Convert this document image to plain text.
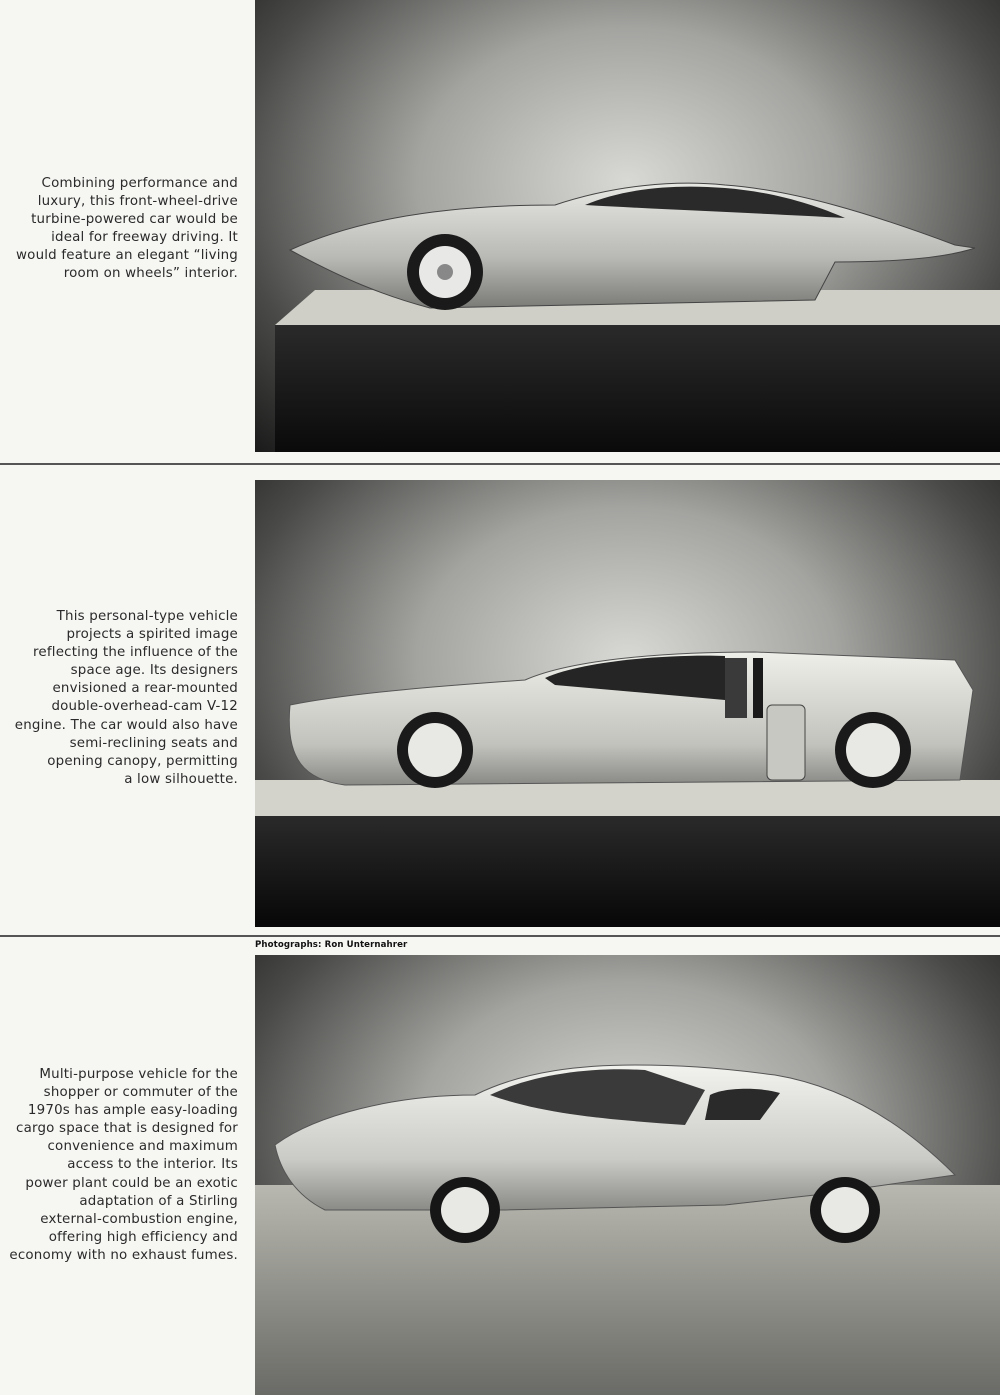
Combining performance and
luxury, this front-wheel-drive
turbine-powered car would be
ideal for freeway driving. It
would feature an elegant “living
room on wheels” interior.
This personal-type vehicle
projects a spirited image
reflecting the influence of the
space age. Its designers
envisioned a rear-mounted
double-overhead-cam V-12
engine. The car would also have
semi-reclining seats and
opening canopy, permitting
a low silhouette.
Photographs: Ron Unternahrer
Multi-purpose vehicle for the
shopper or commuter of the
1970s has ample easy-loading
cargo space that is designed for
convenience and maximum
access to the interior. Its
power plant could be an exotic
adaptation of a Stirling
external-combustion engine,
offering high efficiency and
economy with no exhaust fumes.
